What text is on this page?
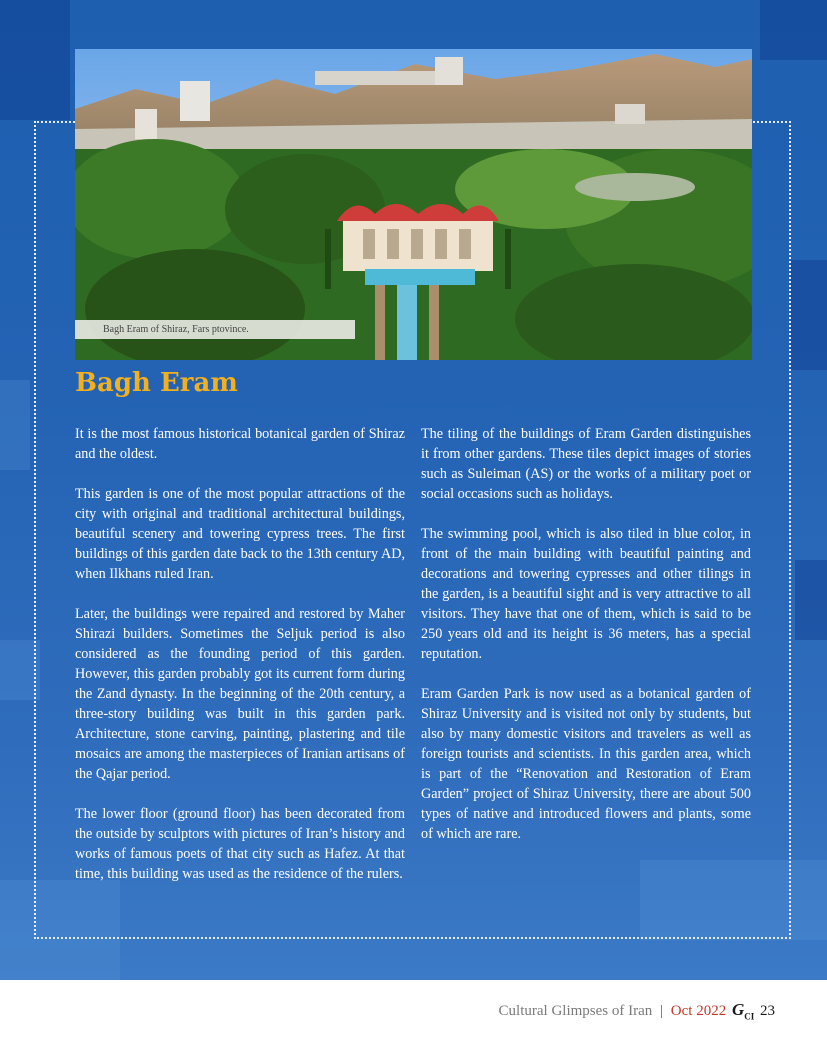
Bagh Eram of Shiraz, Fars ptovince.
Bagh Eram

It is the most famous historical botanical garden of Shiraz and the oldest.

This garden is one of the most popular attractions of the city with original and traditional architectural buildings, beautiful scenery and towering cypress trees. The first buildings of this garden date back to the 13th century AD, when Ilkhans ruled Iran.

Later, the buildings were repaired and restored by Maher Shirazi builders. Sometimes the Seljuk period is also considered as the founding period of this garden. However, this garden probably got its current form during the Zand dynasty. In the beginning of the 20th century, a three-story building was built in this garden park. Architecture, stone carving, painting, plastering and tile mosaics are among the masterpieces of Iranian artisans of the Qajar period.

The lower floor (ground floor) has been decorated from the outside by sculptors with pictures of Iran’s history and works of famous poets of that city such as Hafez. At that time, this building was used as the residence of the rulers.

The tiling of the buildings of Eram Garden distinguishes it from other gardens. These tiles depict images of stories such as Suleiman (AS) or the works of a military poet or social occasions such as holidays.

The swimming pool, which is also tiled in blue color, in front of the main building with beautiful painting and decorations and towering cypresses and other tilings in the garden, is a beautiful sight and is very attractive to all visitors. They have that one of them, which is said to be 250 years old and its height is 36 meters, has a special reputation.

Eram Garden Park is now used as a botanical garden of Shiraz University and is visited not only by students, but also by many domestic visitors and travelers as well as foreign tourists and scientists. In this garden area, which is part of the “Renovation and Restoration of Eram Garden” project of Shiraz University, there are about 500 types of native and introduced flowers and plants, some of which are rare.

Cultural Glimpses of Iran | Oct 2022 $G_{CI}$ 23
